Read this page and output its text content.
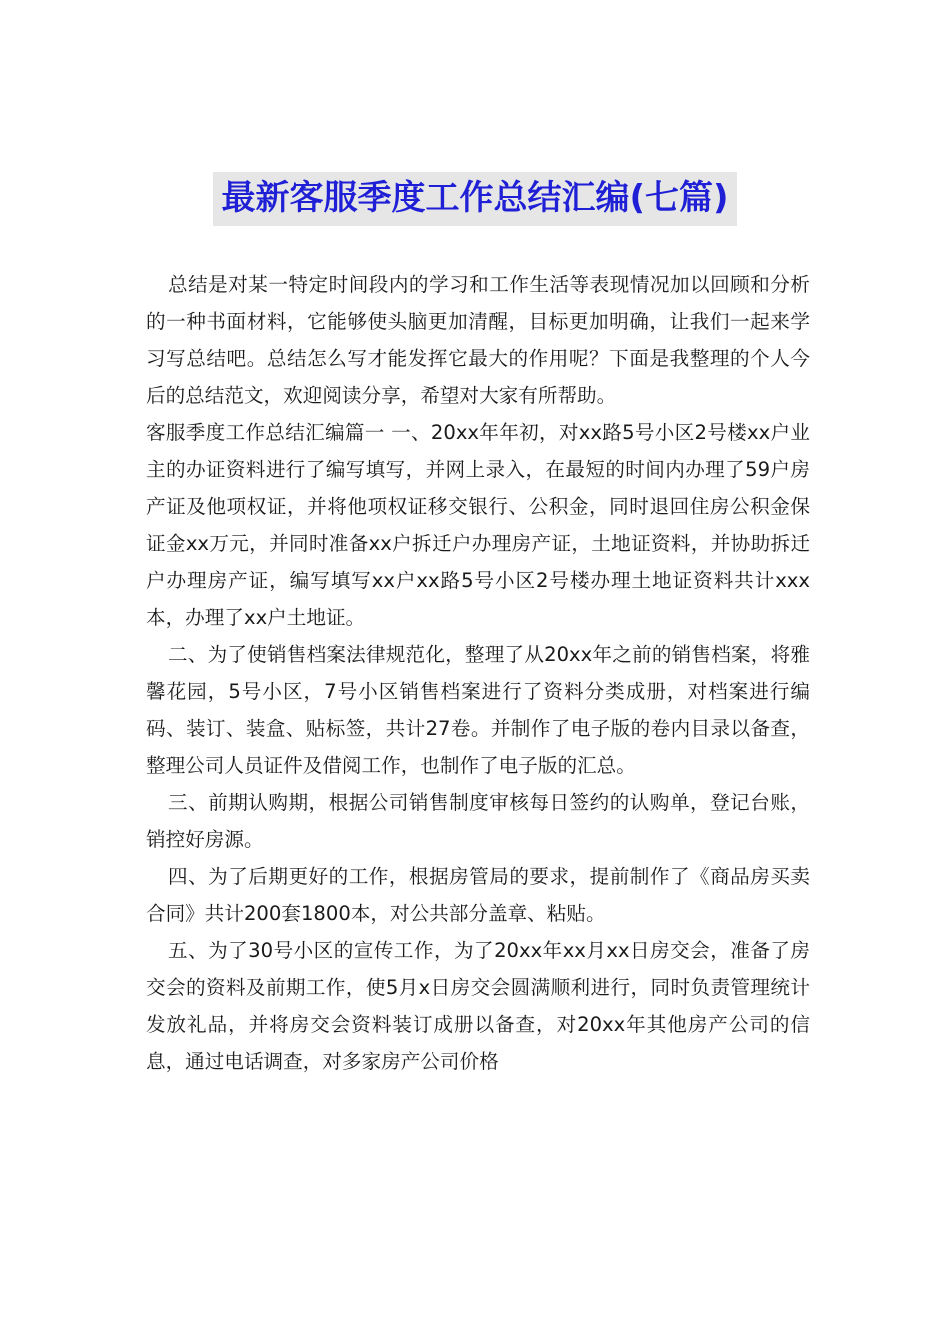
最新客服季度工作总结汇编(七篇)

总结是对某一特定时间段内的学习和工作生活等表现情况加以回顾和分析的一种书面材料，它能够使头脑更加清醒，目标更加明确，让我们一起来学习写总结吧。总结怎么写才能发挥它最大的作用呢？下面是我整理的个人今后的总结范文，欢迎阅读分享，希望对大家有所帮助。

客服季度工作总结汇编篇一 一、20xx年年初，对xx路5号小区2号楼xx户业主的办证资料进行了编写填写，并网上录入，在最短的时间内办理了59户房产证及他项权证，并将他项权证移交银行、公积金，同时退回住房公积金保证金xx万元，并同时准备xx户拆迁户办理房产证，土地证资料，并协助拆迁户办理房产证，编写填写xx户xx路5号小区2号楼办理土地证资料共计xxx本，办理了xx户土地证。

二、为了使销售档案法律规范化，整理了从20xx年之前的销售档案，将雅馨花园，5号小区，7号小区销售档案进行了资料分类成册，对档案进行编码、装订、装盒、贴标签，共计27卷。并制作了电子版的卷内目录以备查，整理公司人员证件及借阅工作，也制作了电子版的汇总。

三、前期认购期，根据公司销售制度审核每日签约的认购单，登记台账，销控好房源。

四、为了后期更好的工作，根据房管局的要求，提前制作了《商品房买卖合同》共计200套1800本，对公共部分盖章、粘贴。

五、为了30号小区的宣传工作，为了20xx年xx月xx日房交会，准备了房交会的资料及前期工作，使5月x日房交会圆满顺利进行，同时负责管理统计发放礼品，并将房交会资料装订成册以备查，对20xx年其他房产公司的信息，通过电话调查，对多家房产公司价格
